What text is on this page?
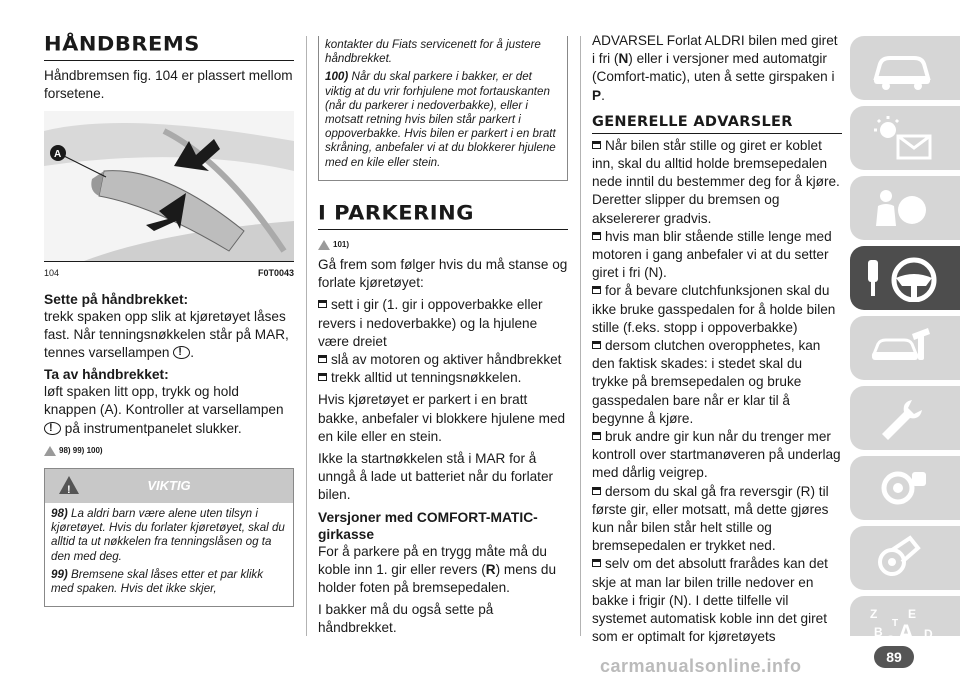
HÅNDBREMS

Håndbremsen fig. 104 er plassert mellom forsetene.

A
104	F0T0043
Sette på håndbrekket:

trekk spaken opp slik at kjøretøyet låses fast. Når tenningsnøkkelen står på MAR, tennes varsellampen ! .

Ta av håndbrekket:

løft spaken litt opp, trykk og hold knappen (A). Kontroller at varsellampen ! på instrumentpanelet slukker.

98) 99) 100)
!	VIKTIG

98) La aldri barn være alene uten tilsyn i kjøretøyet. Hvis du forlater kjøretøyet, skal du alltid ta ut nøkkelen fra tenningslåsen og ta den med deg.

99) Bremsene skal låses etter et par klikk med spaken. Hvis det ikke skjer,

kontakter du Fiats servicenett for å justere håndbrekket.

100) Når du skal parkere i bakker, er det viktig at du vrir forhjulene mot fortauskanten (når du parkerer i nedoverbakke), eller i motsatt retning hvis bilen står parkert i oppoverbakke. Hvis bilen er parkert i en bratt skråning, anbefaler vi at du blokkerer hjulene med en kile eller stein.

I PARKERING
101)

Gå frem som følger hvis du må stanse og forlate kjøretøyet:

sett i gir (1. gir i oppoverbakke eller revers i nedoverbakke) og la hjulene være dreiet
slå av motoren og aktiver håndbrekket
trekk alltid ut tenningsnøkkelen.

Hvis kjøretøyet er parkert i en bratt bakke, anbefaler vi blokkere hjulene med en kile eller en stein.

Ikke la startnøkkelen stå i MAR for å unngå å lade ut batteriet når du forlater bilen.

Versjoner med COMFORT-MATIC-girkasse

For å parkere på en trygg måte må du koble inn 1. gir eller revers (R) mens du holder foten på bremsepedalen.

I bakker må du også sette på håndbrekket.

ADVARSEL Forlat ALDRI bilen med giret i fri (N) eller i versjoner med automatgir (Comfort-matic), uten å sette girspaken i P.

GENERELLE ADVARSLER
Når bilen står stille og giret er koblet inn, skal du alltid holde bremsepedalen nede inntil du bestemmer deg for å kjøre. Deretter slipper du bremsen og akselererer gradvis.
hvis man blir stående stille lenge med motoren i gang anbefaler vi at du setter giret i fri (N).
for å bevare clutchfunksjonen skal du ikke bruke gasspedalen for å holde bilen stille (f.eks. stopp i oppoverbakke)
dersom clutchen overopphetes, kan den faktisk skades: i stedet skal du trykke på bremsepedalen og bruke gasspedalen bare når er klar til å begynne å kjøre.
bruk andre gir kun når du trenger mer kontroll over startmanøveren på underlag med dårlig veigrep.
dersom du skal gå fra reversgir (R) til første gir, eller motsatt, må dette gjøres kun når bilen står helt stille og bremsepedalen er trykket ned.
selv om det absolutt frarådes kan det skje at man lar bilen trille nedover en bakke i frigir (N). I dette tilfelle vil systemet automatisk koble inn det giret som er optimalt for kjøretøyets
Z	E
B A
C
T
D
89
carmanualsonline.info
